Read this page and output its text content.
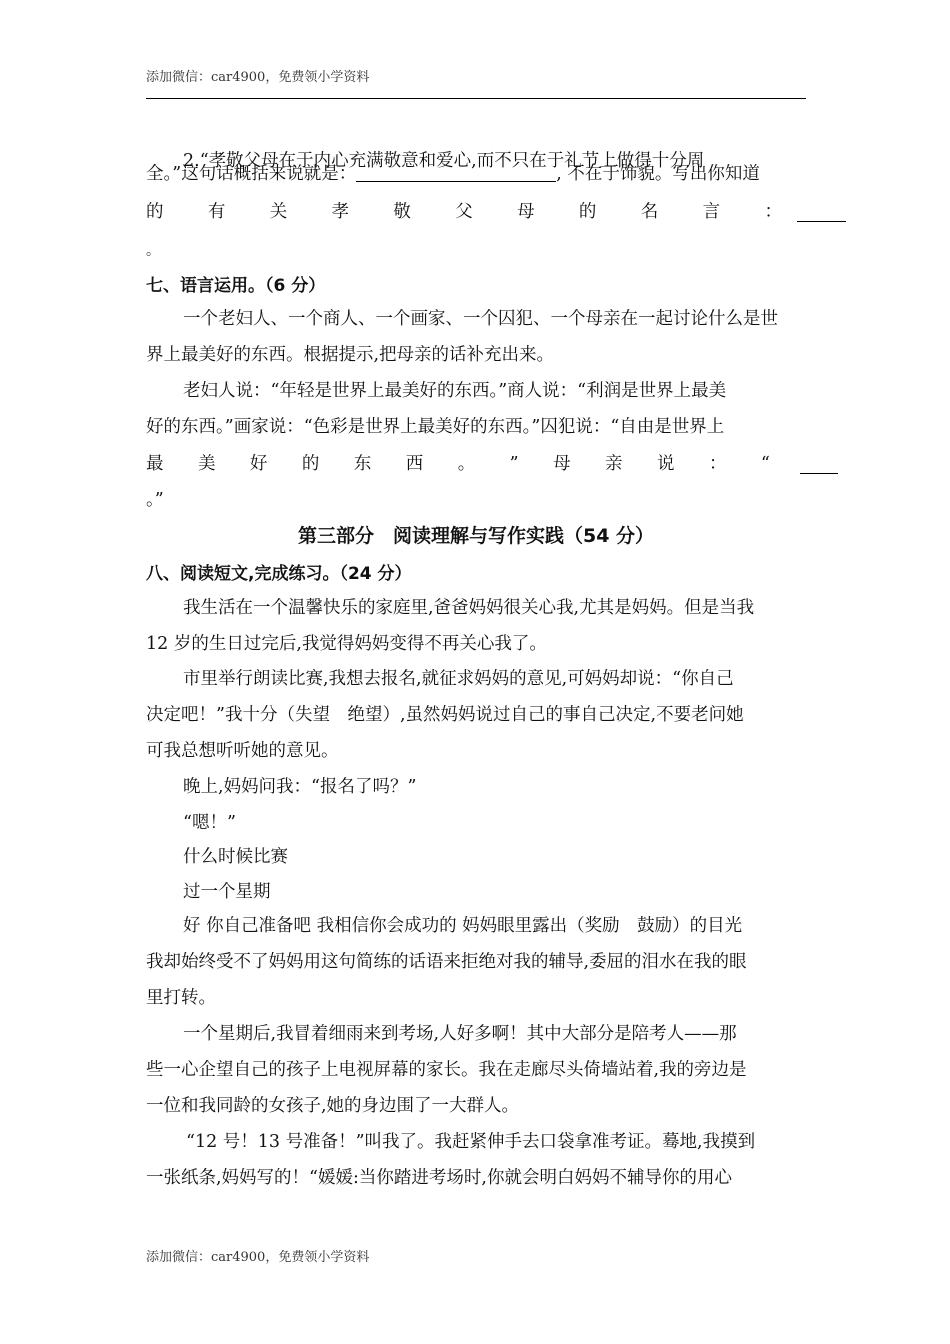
添加微信：car4900，免费领小学资料
2.“孝敬父母在于内心充满敬意和爱心,而不只在于礼节上做得十分周
全。”这句话概括来说就是：	, 不在于饰貌。写出你知道
的	有	关	孝	敬	父	母	的	名	言	：
。
七、语言运用。（6 分）
一个老妇人、一个商人、一个画家、一个囚犯、一个母亲在一起讨论什么是世
界上最美好的东西。根据提示,把母亲的话补充出来。
老妇人说：“年轻是世界上最美好的东西。”商人说：“利润是世界上最美
好的东西。”画家说：“色彩是世界上最美好的东西。”囚犯说：“自由是世界上
最 美 好 的 东 西 。 ” 母 亲 说 ： “
。”
第三部分　阅读理解与写作实践（54 分）
八、阅读短文,完成练习。（24 分）
我生活在一个温馨快乐的家庭里,爸爸妈妈很关心我,尤其是妈妈。但是当我
12 岁的生日过完后,我觉得妈妈变得不再关心我了。
市里举行朗读比赛,我想去报名,就征求妈妈的意见,可妈妈却说：“你自己
决定吧！”我十分（失望　绝望）,虽然妈妈说过自己的事自己决定,不要老问她
可我总想听听她的意见。
晚上,妈妈问我：“报名了吗？”
“嗯！”
什么时候比赛
过一个星期
好 你自己准备吧 我相信你会成功的 妈妈眼里露出（奖励　鼓励）的目光
我却始终受不了妈妈用这句简练的话语来拒绝对我的辅导,委屈的泪水在我的眼
里打转。
一个星期后,我冒着细雨来到考场,人好多啊！其中大部分是陪考人——那
些一心企望自己的孩子上电视屏幕的家长。我在走廊尽头倚墙站着,我的旁边是
一位和我同龄的女孩子,她的身边围了一大群人。
“12 号！13 号准备！”叫我了。我赶紧伸手去口袋拿准考证。蓦地,我摸到
一张纸条,妈妈写的！“媛媛:当你踏进考场时,你就会明白妈妈不辅导你的用心
添加微信：car4900，免费领小学资料
